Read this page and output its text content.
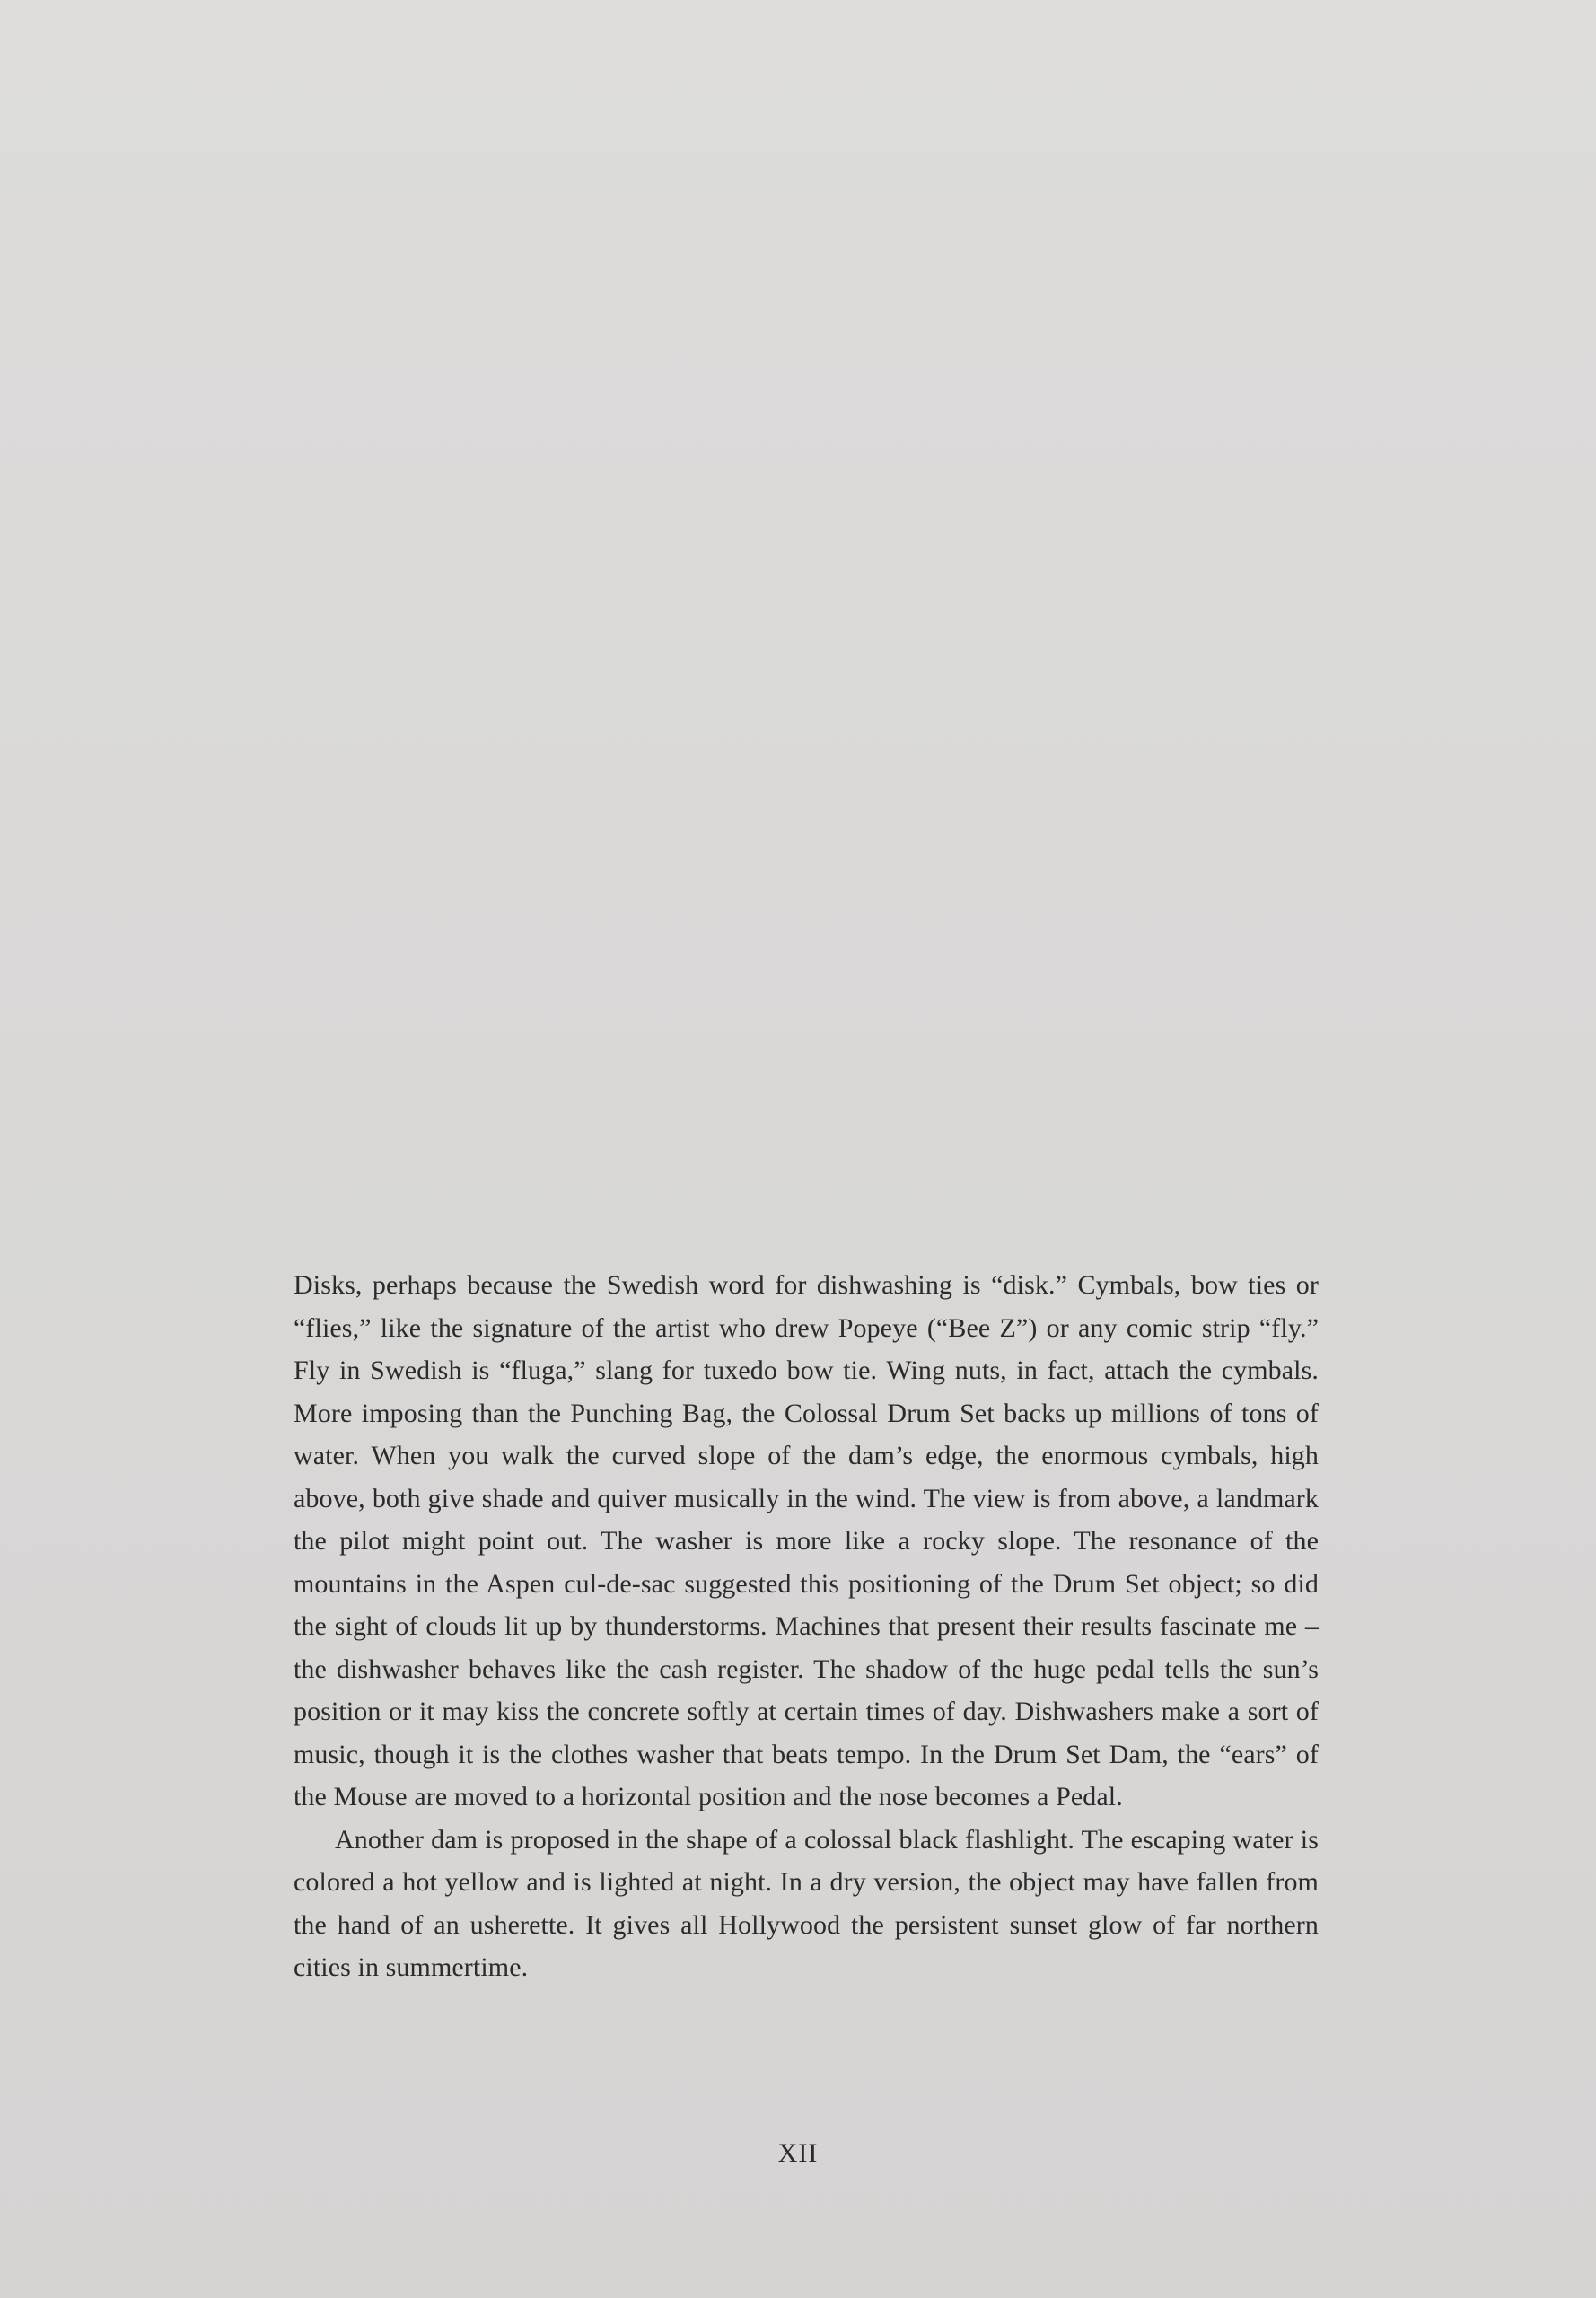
Disks, perhaps because the Swedish word for dishwashing is “disk.” Cymbals, bow ties or “flies,” like the signature of the artist who drew Popeye (“Bee Z”) or any comic strip “fly.” Fly in Swedish is “fluga,” slang for tuxedo bow tie. Wing nuts, in fact, attach the cymbals. More imposing than the Punching Bag, the Colossal Drum Set backs up millions of tons of water. When you walk the curved slope of the dam’s edge, the enormous cymbals, high above, both give shade and quiver musically in the wind. The view is from above, a landmark the pilot might point out. The washer is more like a rocky slope. The resonance of the mountains in the Aspen cul-de-sac suggested this positioning of the Drum Set object; so did the sight of clouds lit up by thunderstorms. Machines that present their results fascinate me – the dishwasher behaves like the cash register. The shadow of the huge pedal tells the sun’s position or it may kiss the concrete softly at certain times of day. Dishwashers make a sort of music, though it is the clothes washer that beats tempo. In the Drum Set Dam, the “ears” of the Mouse are moved to a horizontal position and the nose becomes a Pedal.

Another dam is proposed in the shape of a colossal black flashlight. The escaping water is colored a hot yellow and is lighted at night. In a dry version, the object may have fallen from the hand of an usherette. It gives all Hollywood the persistent sunset glow of far northern cities in summertime.

XII
